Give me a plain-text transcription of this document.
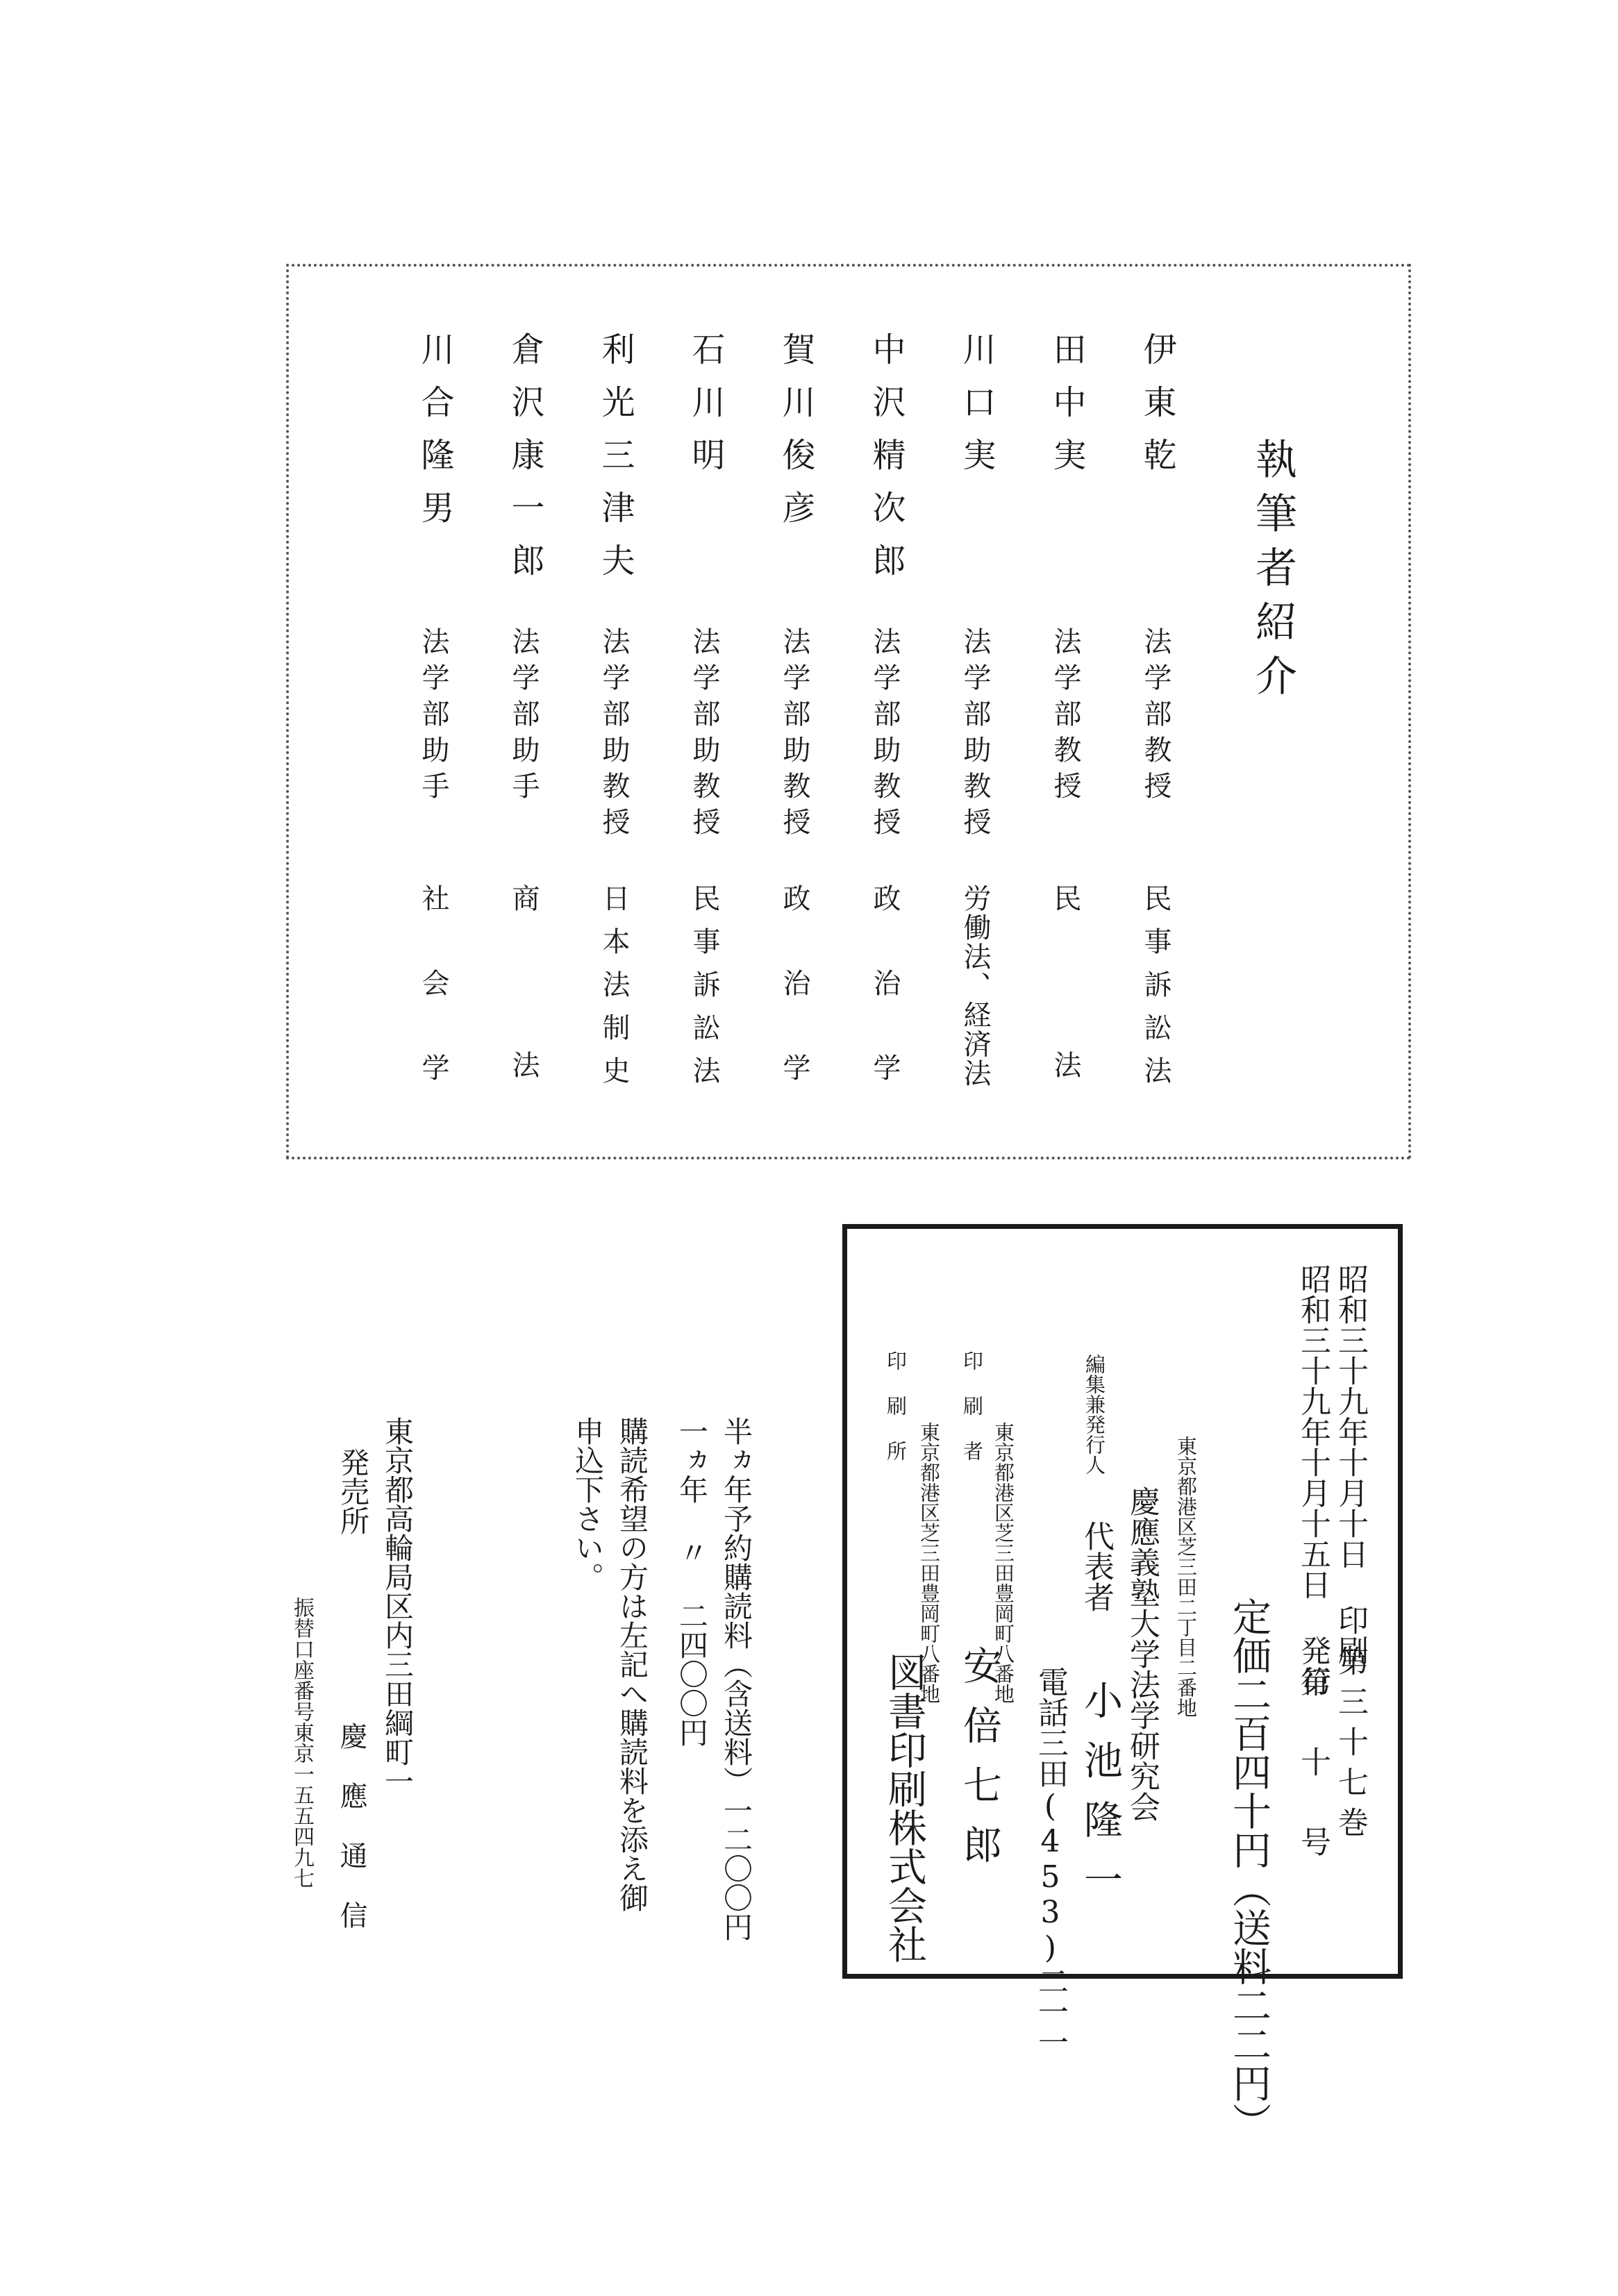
執筆者紹介
伊東乾
法学部教授
民事訴訟法
田中実
法学部教授
民法
川口実
法学部助教授
労働法、経済法
中沢精次郎
法学部助教授
政治学
賀川俊彦
法学部助教授
政治学
石川明
法学部助教授
民事訴訟法
利光三津夫
法学部助教授
日本法制史
倉沢康一郎
法学部助手
商法
川合隆男
法学部助手
社会学
昭和三十九年十月十日 印刷
第三十七巻
昭和三十九年十月十五日 発行
第 十 号
定価二百四十円（送料二二円）
東京都港区芝三田二丁目二番地
慶應義塾大学法学研究会
編集兼発行人
代表者
小池隆一
電話三田(453)二一一
印刷者
東京都港区芝三田豊岡町八番地
安倍七郎
印刷所
東京都港区芝三田豊岡町八番地
図書印刷株式会社
半ヵ年予約購読料（含送料）一二〇〇円
一ヵ年 〃 二四〇〇円
購読希望の方は左記へ購読料を添え御
申込下さい。
東京都高輪局区内三田綱町一
発売所
慶應通信
振替口座番号東京一五五四九七
